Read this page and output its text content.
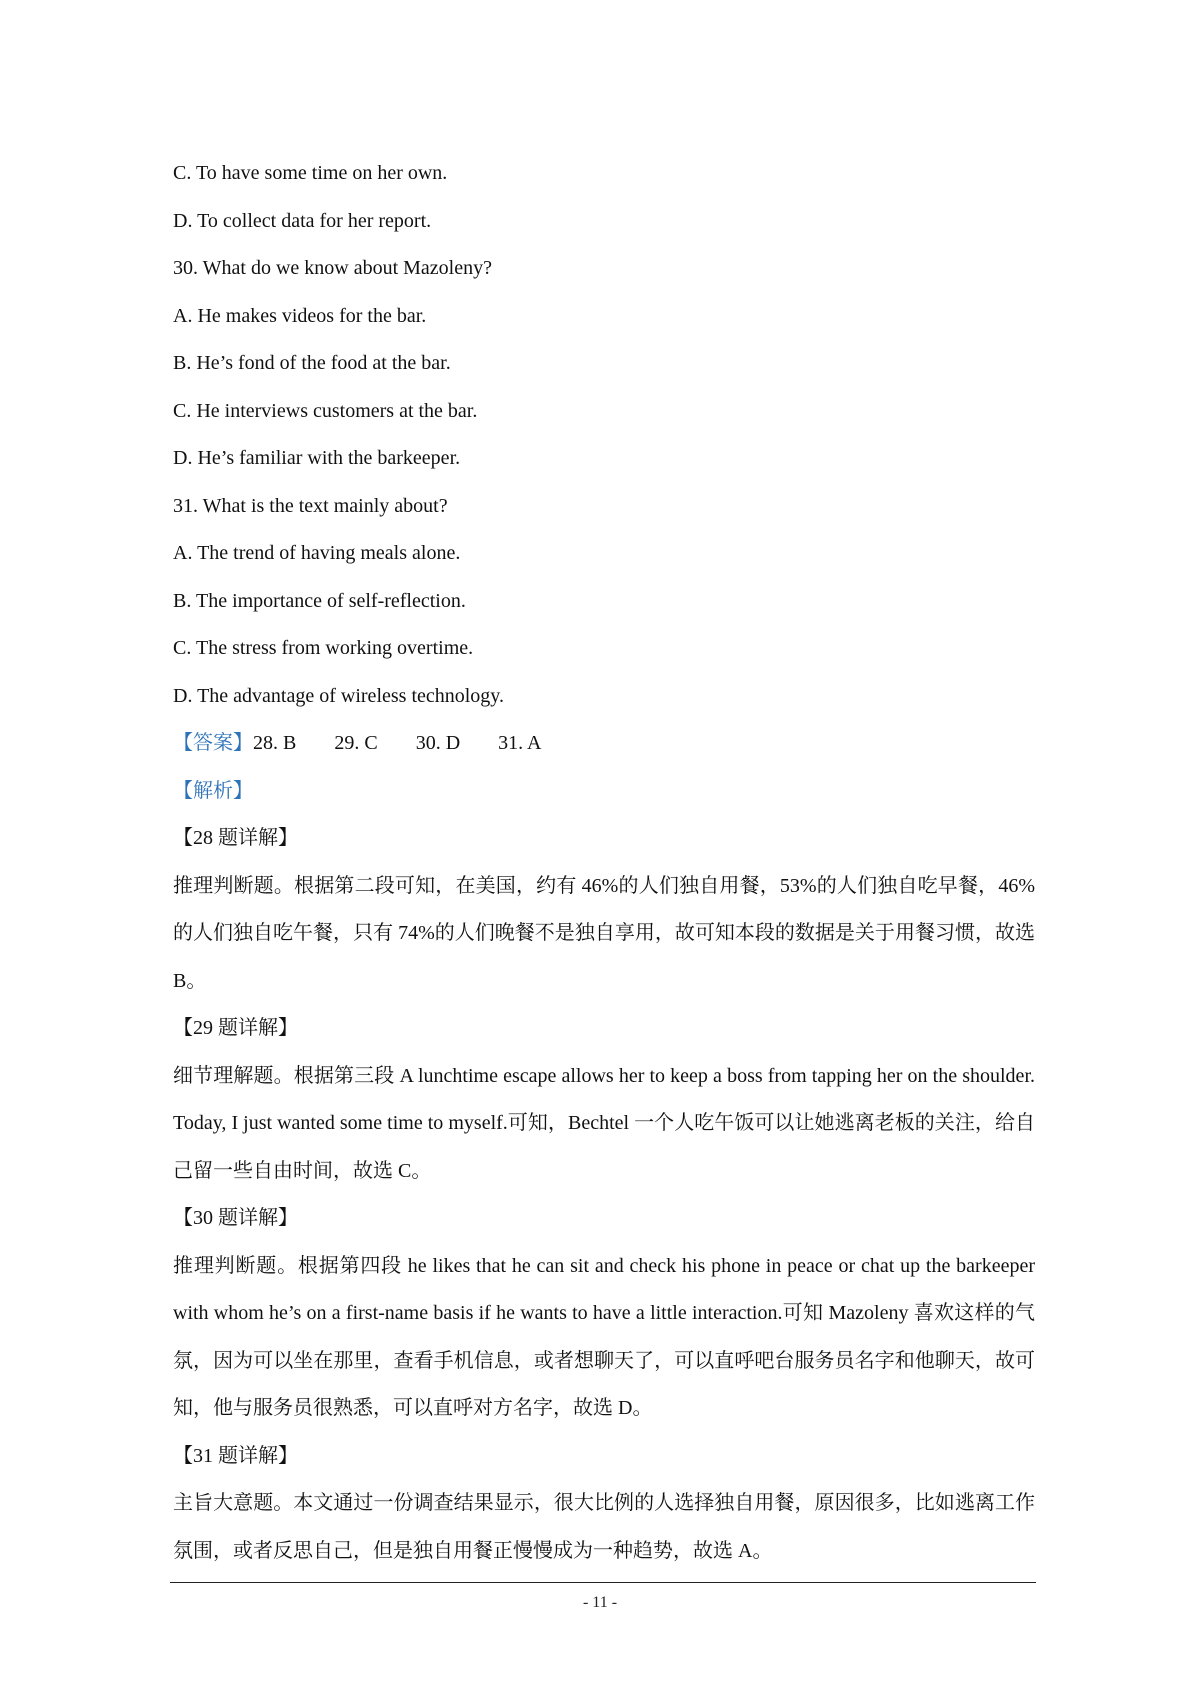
C. To have some time on her own.
D. To collect data for her report.
30. What do we know about Mazoleny?
A. He makes videos for the bar.
B. He’s fond of the food at the bar.
C. He interviews customers at the bar.
D. He’s familiar with the barkeeper.
31. What is the text mainly about?
A. The trend of having meals alone.
B. The importance of self-reflection.
C. The stress from working overtime.
D. The advantage of wireless technology.
【答案】28. B 29. C 30. D 31. A
【解析】
【28 题详解】
推理判断题。根据第二段可知，在美国，约有 46%的人们独自用餐，53%的人们独自吃早餐，46%的人们独自吃午餐，只有 74%的人们晚餐不是独自享用，故可知本段的数据是关于用餐习惯，故选 B。
【29 题详解】
细节理解题。根据第三段 A lunchtime escape allows her to keep a boss from tapping her on the shoulder. Today, I just wanted some time to myself.可知，Bechtel 一个人吃午饭可以让她逃离老板的关注，给自己留一些自由时间，故选 C。
【30 题详解】
推理判断题。根据第四段 he likes that he can sit and check his phone in peace or chat up the barkeeper with whom he’s on a first-name basis if he wants to have a little interaction.可知 Mazoleny 喜欢这样的气氛，因为可以坐在那里，查看手机信息，或者想聊天了，可以直呼吧台服务员名字和他聊天，故可知，他与服务员很熟悉，可以直呼对方名字，故选 D。
【31 题详解】
主旨大意题。本文通过一份调查结果显示，很大比例的人选择独自用餐，原因很多，比如逃离工作氛围，或者反思自己，但是独自用餐正慢慢成为一种趋势，故选 A。
- 11 -
